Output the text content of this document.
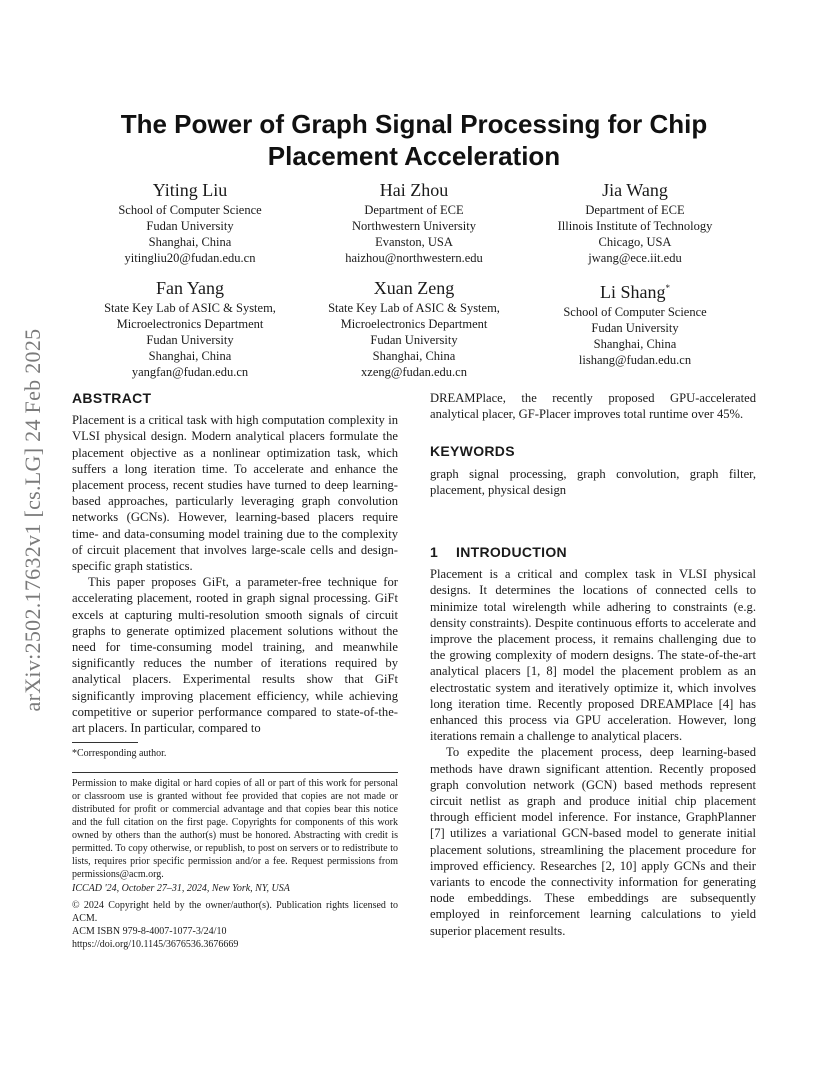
arXiv:2502.17632v1 [cs.LG] 24 Feb 2025
The Power of Graph Signal Processing for Chip
Placement Acceleration
Yiting Liu
School of Computer Science
Fudan University
Shanghai, China
yitingliu20@fudan.edu.cn
Hai Zhou
Department of ECE
Northwestern University
Evanston, USA
haizhou@northwestern.edu
Jia Wang
Department of ECE
Illinois Institute of Technology
Chicago, USA
jwang@ece.iit.edu
Fan Yang
State Key Lab of ASIC & System,
Microelectronics Department
Fudan University
Shanghai, China
yangfan@fudan.edu.cn
Xuan Zeng
State Key Lab of ASIC & System,
Microelectronics Department
Fudan University
Shanghai, China
xzeng@fudan.edu.cn
Li Shang*
School of Computer Science
Fudan University
Shanghai, China
lishang@fudan.edu.cn
ABSTRACT

Placement is a critical task with high computation complexity in VLSI physical design. Modern analytical placers formulate the placement objective as a nonlinear optimization task, which suffers a long iteration time. To accelerate and enhance the placement process, recent studies have turned to deep learning-based approaches, particularly leveraging graph convolution networks (GCNs). However, learning-based placers require time- and data-consuming model training due to the complexity of circuit placement that involves large-scale cells and design-specific graph statistics.

This paper proposes GiFt, a parameter-free technique for accelerating placement, rooted in graph signal processing. GiFt excels at capturing multi-resolution smooth signals of circuit graphs to generate optimized placement solutions without the need for time-consuming model training, and meanwhile significantly reduces the number of iterations required by analytical placers. Experimental results show that GiFt significantly improving placement efficiency, while achieving competitive or superior performance compared to state-of-the-art placers. In particular, compared to

*Corresponding author.

Permission to make digital or hard copies of all or part of this work for personal or classroom use is granted without fee provided that copies are not made or distributed for profit or commercial advantage and that copies bear this notice and the full citation on the first page. Copyrights for components of this work owned by others than the author(s) must be honored. Abstracting with credit is permitted. To copy otherwise, or republish, to post on servers or to redistribute to lists, requires prior specific permission and/or a fee. Request permissions from permissions@acm.org.

ICCAD '24, October 27–31, 2024, New York, NY, USA

© 2024 Copyright held by the owner/author(s). Publication rights licensed to ACM.

ACM ISBN 979-8-4007-1077-3/24/10

https://doi.org/10.1145/3676536.3676669

DREAMPlace, the recently proposed GPU-accelerated analytical placer, GF-Placer improves total runtime over 45%.

KEYWORDS

graph signal processing, graph convolution, graph filter, placement, physical design

1 INTRODUCTION

Placement is a critical and complex task in VLSI physical designs. It determines the locations of connected cells to minimize total wirelength while adhering to constraints (e.g. density constraints). Despite continuous efforts to accelerate and improve the placement process, it remains challenging due to the growing complexity of modern designs. The state-of-the-art analytical placers [1, 8] model the placement problem as an electrostatic system and iteratively optimize it, which involves long iteration time. Recently proposed DREAMPlace [4] has enhanced this process via GPU acceleration. However, long iterations remain a challenge to analytical placers.

To expedite the placement process, deep learning-based methods have drawn significant attention. Recently proposed graph convolution network (GCN) based methods represent circuit netlist as graph and produce initial chip placement through efficient model inference. For instance, GraphPlanner [7] utilizes a variational GCN-based model to generate initial placement solutions, streamlining the placement procedure for improved efficiency. Researches [2, 10] apply GCNs and their variants to encode the connectivity information for generating node embeddings. These embeddings are subsequently employed in reinforcement learning calculations to yield superior placement results.
